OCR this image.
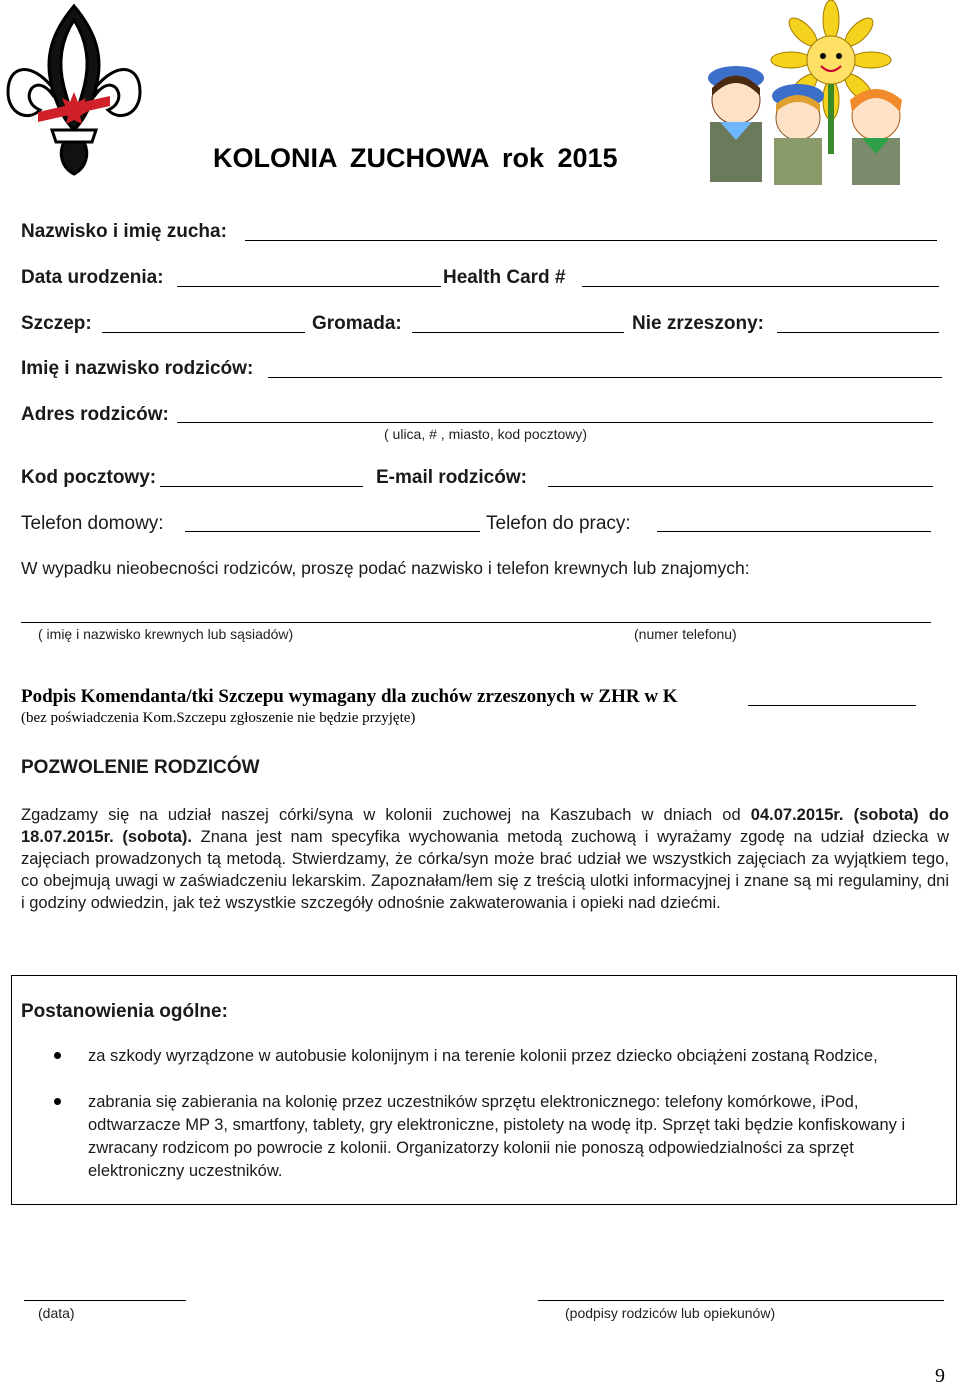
KOLONIA ZUCHOWA rok 2015
Nazwisko i imię zucha:
Data urodzenia:	Health Card #
Szczep:	Gromada:	Nie zrzeszony:
Imię i nazwisko rodziców:
Adres rodziców:
( ulica, # , miasto, kod pocztowy)
Kod pocztowy:	E-mail rodziców:
Telefon domowy:	Telefon do pracy:
W wypadku nieobecności rodziców, proszę podać nazwisko i telefon krewnych lub znajomych:
( imię i nazwisko krewnych lub sąsiadów)	(numer telefonu)
Podpis Komendanta/tki Szczepu wymagany dla zuchów zrzeszonych w ZHR w K
(bez poświadczenia Kom.Szczepu zgłoszenie nie będzie przyjęte)
POZWOLENIE RODZICÓW
Zgadzamy się na udział naszej córki/syna w kolonii zuchowej na Kaszubach w dniach od 04.07.2015r. (sobota) do 18.07.2015r. (sobota). Znana jest nam specyfika wychowania metodą zuchową i wyrażamy zgodę na udział dziecka w zajęciach prowadzonych tą metodą. Stwierdzamy, że córka/syn może brać udział we wszystkich zajęciach za wyjątkiem tego, co obejmują uwagi w zaświadczeniu lekarskim. Zapoznałam/łem się z treścią ulotki informacyjnej i znane są mi regulaminy, dni i godziny odwiedzin, jak też wszystkie szczegóły odnośnie zakwaterowania i opieki nad dziećmi.
Postanowienia ogólne:
za szkody wyrządzone w autobusie kolonijnym i na terenie kolonii przez dziecko obciążeni zostaną Rodzice,
zabrania się zabierania na kolonię przez uczestników sprzętu elektronicznego: telefony komórkowe, iPod, odtwarzacze MP 3, smartfony, tablety, gry elektroniczne, pistolety na wodę itp. Sprzęt taki będzie konfiskowany i zwracany rodzicom po powrocie z kolonii. Organizatorzy kolonii nie ponoszą odpowiedzialności za sprzęt elektroniczny uczestników.
(data)	(podpisy rodziców lub opiekunów)
9
